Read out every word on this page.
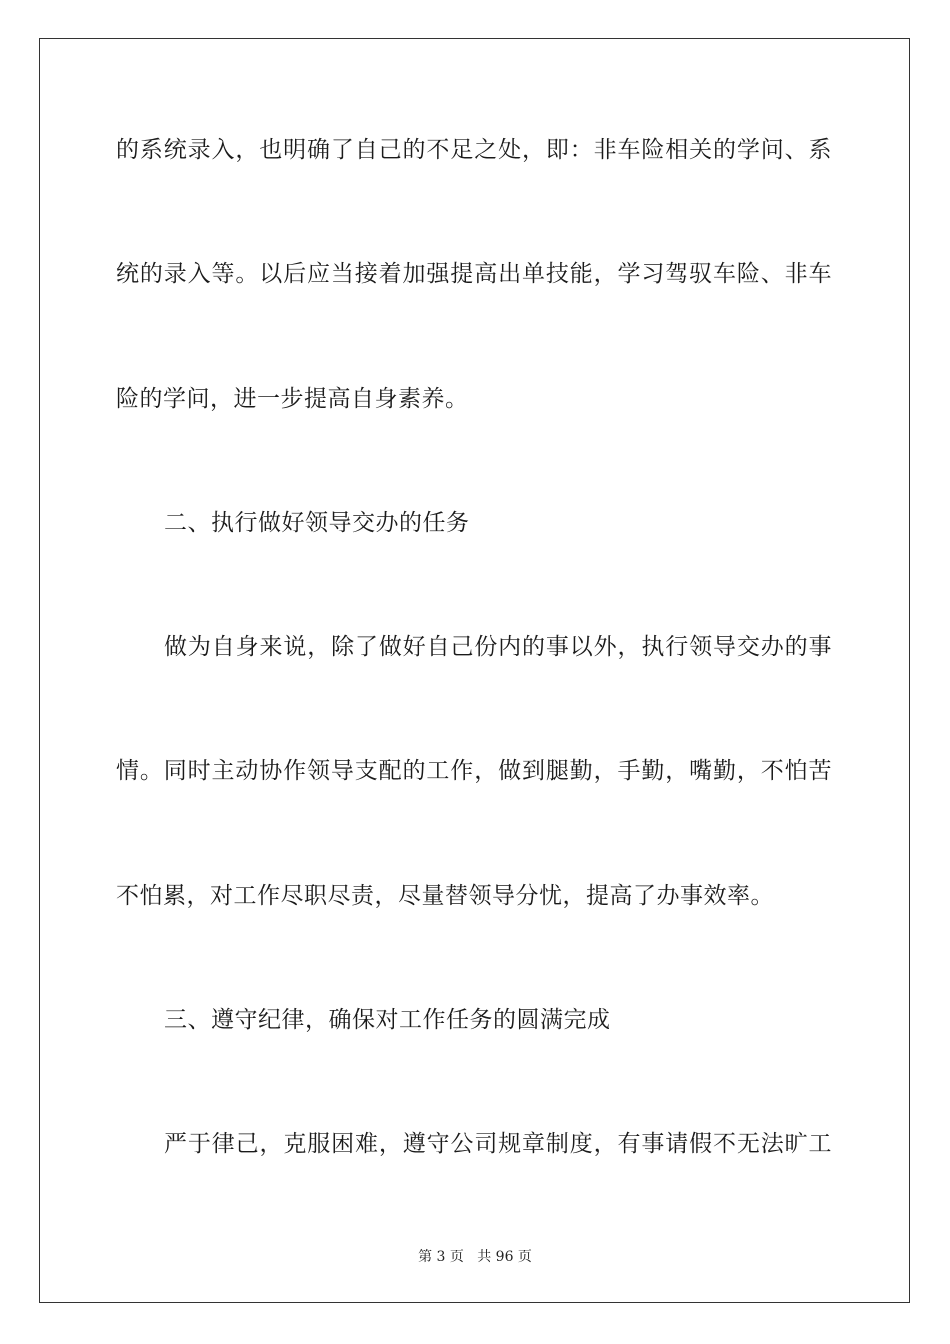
的系统录入，也明确了自己的不足之处，即：非车险相关的学问、系
统的录入等。以后应当接着加强提高出单技能，学习驾驭车险、非车
险的学问，进一步提高自身素养。
二、执行做好领导交办的任务
做为自身来说，除了做好自己份内的事以外，执行领导交办的事
情。同时主动协作领导支配的工作，做到腿勤，手勤，嘴勤，不怕苦
不怕累，对工作尽职尽责，尽量替领导分忧，提高了办事效率。
三、遵守纪律，确保对工作任务的圆满完成
严于律己，克服困难，遵守公司规章制度，有事请假不无法旷工
第 3 页   共 96 页
